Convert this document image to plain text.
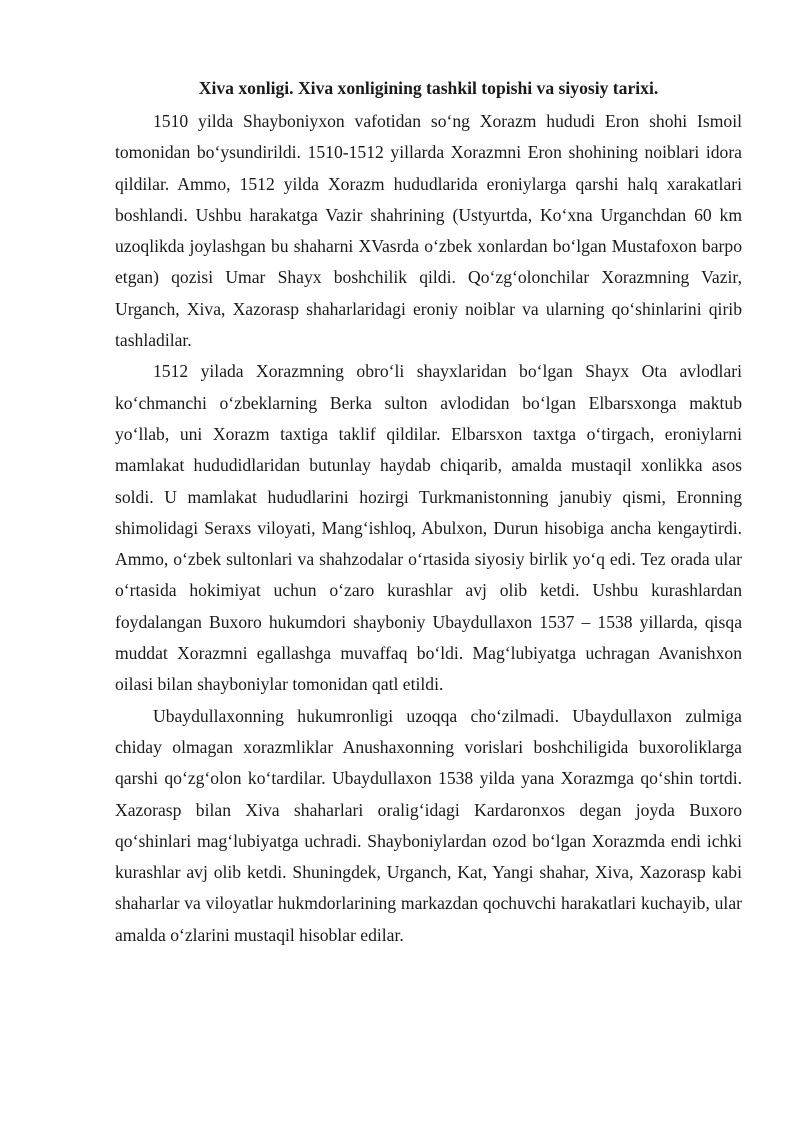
Xiva xonligi. Xiva xonligining tashkil topishi va siyosiy tarixi.

1510 yilda Shayboniyxon vafotidan so‘ng Xorazm hududi Eron shohi Ismoil tomonidan bo‘ysundirildi. 1510-1512 yillarda Xorazmni Eron shohining noiblari idora qildilar. Ammo, 1512 yilda Xorazm hududlarida eroniylarga qarshi halq xarakatlari boshlandi. Ushbu harakatga Vazir shahrining (Ustyurtda, Ko‘xna Urganchdan 60 km uzoqlikda joylashgan bu shaharni XVasrda o‘zbek xonlardan bo‘lgan Mustafoxon barpo etgan) qozisi Umar Shayx boshchilik qildi. Qo‘zg‘olonchilar Xorazmning Vazir, Urganch, Xiva, Xazorasp shaharlaridagi eroniy noiblar va ularning qo‘shinlarini qirib tashladilar.

1512 yilada Xorazmning obro‘li shayxlaridan bo‘lgan Shayx Ota avlodlari ko‘chmanchi o‘zbeklarning Berka sulton avlodidan bo‘lgan Elbarsxonga maktub yo‘llab, uni Xorazm taxtiga taklif qildilar. Elbarsxon taxtga o‘tirgach, eroniylarni mamlakat hududidlaridan butunlay haydab chiqarib, amalda mustaqil xonlikka asos soldi. U mamlakat hududlarini hozirgi Turkmanistonning janubiy qismi, Eronning shimolidagi Seraxs viloyati, Mang‘ishloq, Abulxon, Durun hisobiga ancha kengaytirdi. Ammo, o‘zbek sultonlari va shahzodalar o‘rtasida siyosiy birlik yo‘q edi. Tez orada ular o‘rtasida hokimiyat uchun o‘zaro kurashlar avj olib ketdi. Ushbu kurashlardan foydalangan Buxoro hukumdori shayboniy Ubaydullaxon 1537 – 1538 yillarda, qisqa muddat Xorazmni egallashga muvaffaq bo‘ldi. Mag‘lubiyatga uchragan Avanishxon oilasi bilan shayboniylar tomonidan qatl etildi.

Ubaydullaxonning hukumronligi uzoqqa cho‘zilmadi. Ubaydullaxon zulmiga chiday olmagan xorazmliklar Anushaxonning vorislari boshchiligida buxoroliklarga qarshi qo‘zg‘olon ko‘tardilar. Ubaydullaxon 1538 yilda yana Xorazmga qo‘shin tortdi. Xazorasp bilan Xiva shaharlari oralig‘idagi Kardaronxos degan joyda Buxoro qo‘shinlari mag‘lubiyatga uchradi. Shayboniylardan ozod bo‘lgan Xorazmda endi ichki kurashlar avj olib ketdi. Shuningdek, Urganch, Kat, Yangi shahar, Xiva, Xazorasp kabi shaharlar va viloyatlar hukmdorlarining markazdan qochuvchi harakatlari kuchayib, ular amalda o‘zlarini mustaqil hisoblar edilar.
